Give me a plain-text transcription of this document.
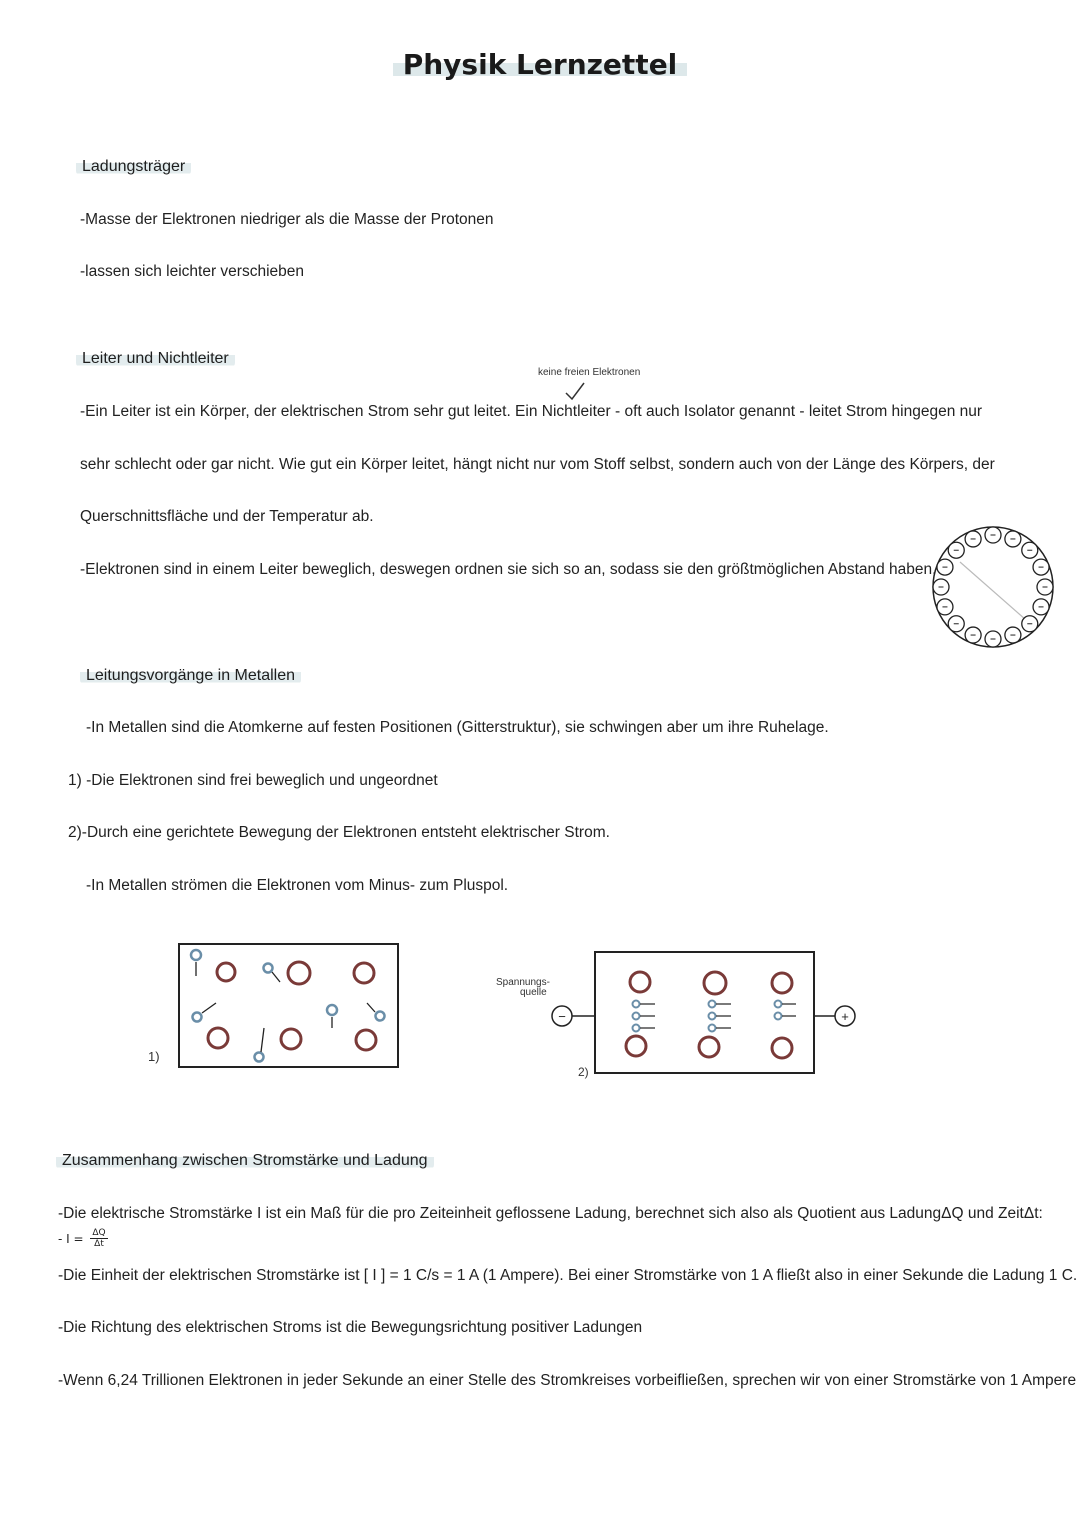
Physik Lernzettel
Ladungsträger
-Masse der Elektronen niedriger als die Masse der Protonen
-lassen sich leichter verschieben
Leiter und Nichtleiter
keine freien Elektronen
-Ein Leiter ist ein Körper, der elektrischen Strom sehr gut leitet. Ein Nichtleiter - oft auch Isolator genannt - leitet Strom hingegen nur
sehr schlecht oder gar nicht. Wie gut ein Körper leitet, hängt nicht nur vom Stoff selbst, sondern auch von der Länge des Körpers, der
Querschnittsfläche und der Temperatur ab.
-Elektronen sind in einem Leiter beweglich, deswegen ordnen sie sich so an, sodass sie den größtmöglichen Abstand haben.
Leitungsvorgänge in Metallen
-In Metallen sind die Atomkerne auf festen Positionen (Gitterstruktur), sie schwingen aber um ihre Ruhelage.
1) -Die Elektronen sind frei beweglich und ungeordnet
2)-Durch eine gerichtete Bewegung der Elektronen entsteht elektrischer Strom.
-In Metallen strömen die Elektronen vom Minus- zum Pluspol.
1)
Spannungs-
quelle
−	+
2)
Zusammenhang zwischen Stromstärke und Ladung
-Die elektrische Stromstärke I ist ein Maß für die pro Zeiteinheit geflossene Ladung, berechnet sich also als Quotient aus LadungΔQ und ZeitΔt:
- $I = \frac{\Delta Q}{\Delta t}$
-Die Einheit der elektrischen Stromstärke ist [ I ] = 1 C/s = 1 A (1 Ampere). Bei einer Stromstärke von 1 A fließt also in einer Sekunde die Ladung 1 C.
-Die Richtung des elektrischen Stroms ist die Bewegungsrichtung positiver Ladungen
-Wenn 6,24 Trillionen Elektronen in jeder Sekunde an einer Stelle des Stromkreises vorbeifließen, sprechen wir von einer Stromstärke von 1 Ampere
